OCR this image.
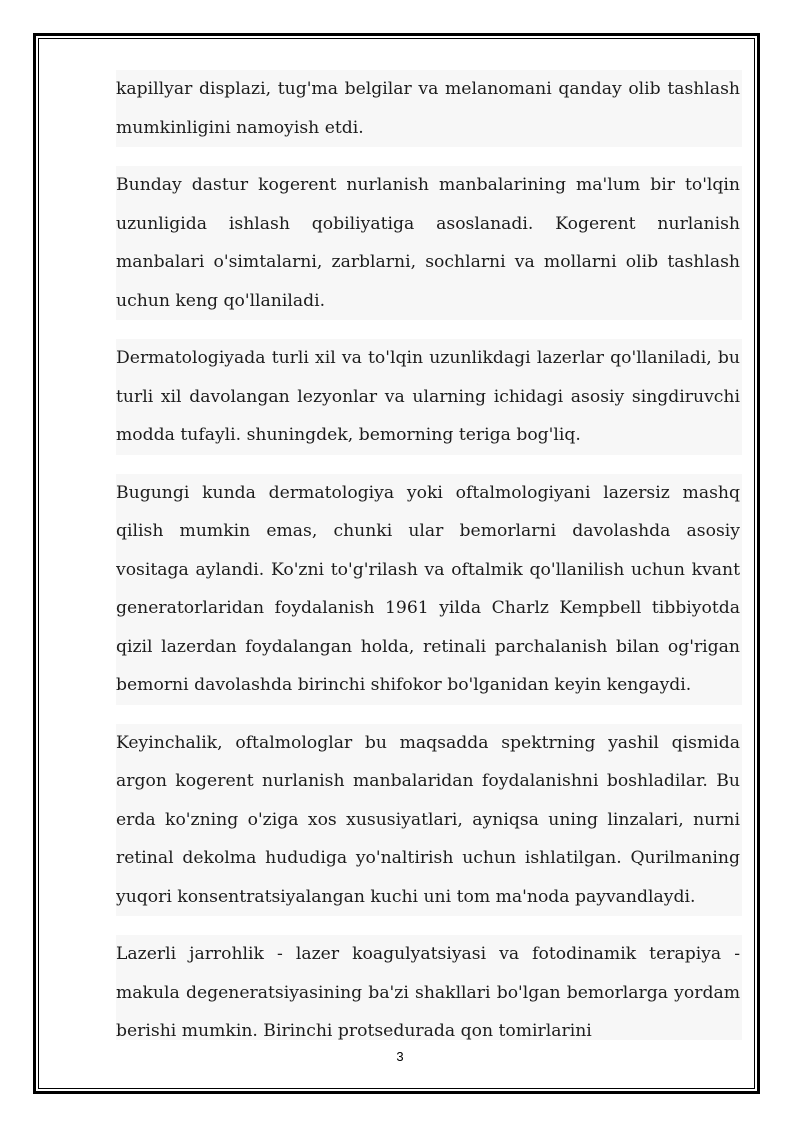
kapillyar displazi, tug'ma belgilar va melanomani qanday olib tashlash mumkinligini namoyish etdi.

Bunday dastur kogerent nurlanish manbalarining ma'lum bir to'lqin uzunligida ishlash qobiliyatiga asoslanadi. Kogerent nurlanish manbalari o'simtalarni, zarblarni, sochlarni va mollarni olib tashlash uchun keng qo'llaniladi.

Dermatologiyada turli xil va to'lqin uzunlikdagi lazerlar qo'llaniladi, bu turli xil davolangan lezyonlar va ularning ichidagi asosiy singdiruvchi modda tufayli. shuningdek, bemorning teriga bog'liq.

Bugungi kunda dermatologiya yoki oftalmologiyani lazersiz mashq qilish mumkin emas, chunki ular bemorlarni davolashda asosiy vositaga aylandi. Ko'zni to'g'rilash va oftalmik qo'llanilish uchun kvant generatorlaridan foydalanish 1961 yilda Charlz Kempbell tibbiyotda qizil lazerdan foydalangan holda, retinali parchalanish bilan og'rigan bemorni davolashda birinchi shifokor bo'lganidan keyin kengaydi.

Keyinchalik, oftalmologlar bu maqsadda spektrning yashil qismida argon kogerent nurlanish manbalaridan foydalanishni boshladilar. Bu erda ko'zning o'ziga xos xususiyatlari, ayniqsa uning linzalari, nurni retinal dekolma hududiga yo'naltirish uchun ishlatilgan. Qurilmaning yuqori konsentratsiyalangan kuchi uni tom ma'noda payvandlaydi.

Lazerli jarrohlik - lazer koagulyatsiyasi va fotodinamik terapiya - makula degeneratsiyasining ba'zi shakllari bo'lgan bemorlarga yordam berishi mumkin. Birinchi protsedurada qon tomirlarini

3
